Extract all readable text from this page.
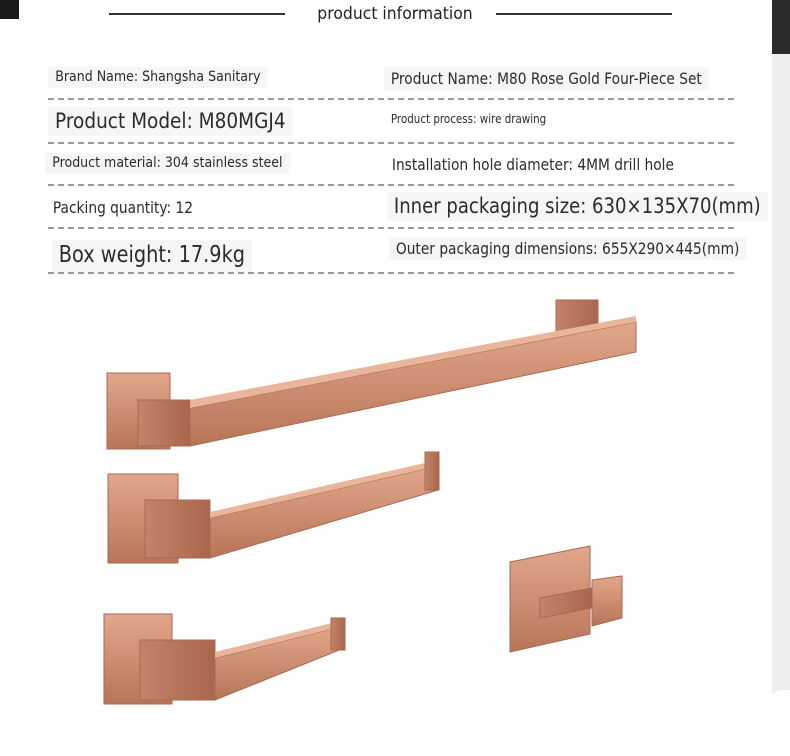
product information
Brand Name: Shangsha Sanitary	Product Name: M80 Rose Gold Four-Piece Set
Product Model: M80MGJ4	Product process: wire drawing
Product material: 304 stainless steel	Installation hole diameter: 4MM drill hole
Packing quantity: 12	Inner packaging size: 630×135X70(mm)
Box weight: 17.9kg	Outer packaging dimensions: 655X290×445(mm)
